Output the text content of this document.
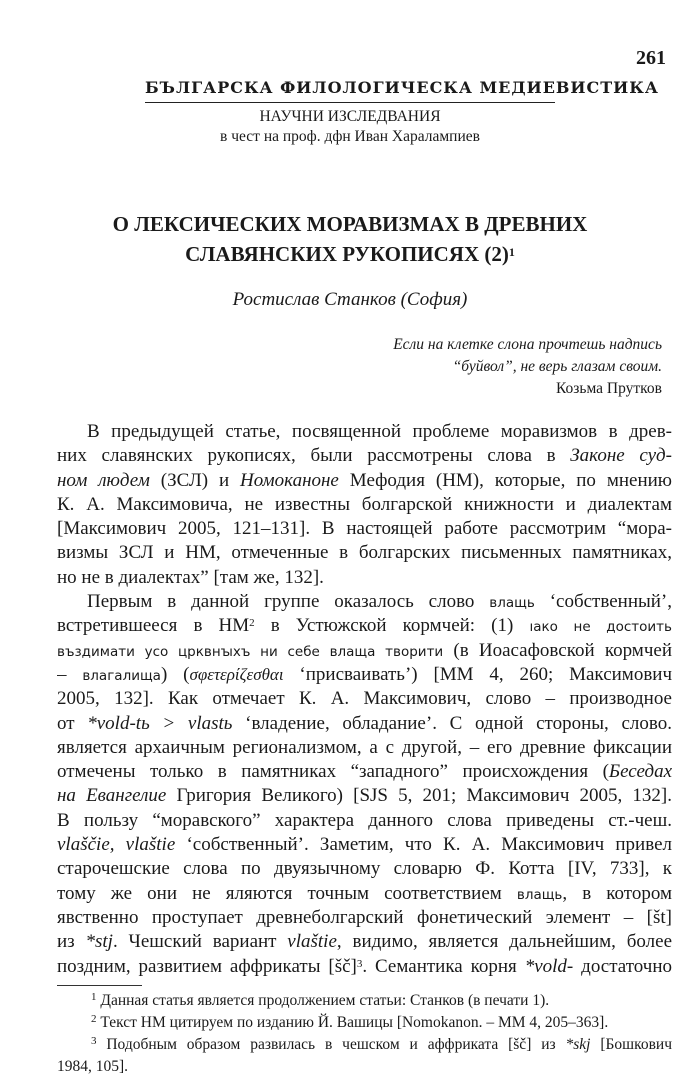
261
БЪЛГАРСКА ФИЛОЛОГИЧЕСКА МЕДИЕВИСТИКА
НАУЧНИ ИЗСЛЕДВАНИЯ
в чест на проф. дфн Иван Харалампиев
О ЛЕКСИЧЕСКИХ МОРАВИЗМАХ В ДРЕВНИХ
СЛАВЯНСКИХ РУКОПИСЯХ $(2)^1$
Ростислав Станков (София)
Если на клетке слона прочтешь надпись
“буйвол”, не верь глазам своим.
Козьма Прутков
В предыдущей статье, посвященной проблеме моравизмов в древ-
них славянских рукописях, были рассмотрены слова в Законе суд-
ном людем (ЗСЛ) и Номоканоне Мефодия (НМ), которые, по мнению
К. А. Максимовича, не известны болгарской книжности и диалектам
[Максимович 2005, 121–131]. В настоящей работе рассмотрим “мора-
визмы ЗСЛ и НМ, отмеченные в болгарских письменных памятниках,
но не в диалектах” [там же, 132].
Первым в данной группе оказалось слово влащь ‘собственный’,
встретившееся в $НМ^2$ в Устюжской кормчей: (1) ıако не достоить
въздимати усо црквнꙑхъ ни себе влаща творити (в Иоасафовской кормчей
– влагалища) (σφετερίζεσθαι ‘присваивать’) [ММ 4, 260; Максимович
2005, 132]. Как отмечает К. А. Максимович, слово – производное
от *vold-tь > vlastь ‘владение, обладание’. С одной стороны, слово.
является архаичным регионализмом, а с другой, – его древние фиксации
отмечены только в памятниках “западного” происхождения (Беседах
на Евангелие Григория Великого) [SJS 5, 201; Максимович 2005, 132].
В пользу “моравского” характера данного слова приведены ст.-чеш.
vlaščie, vlaštie ‘собственный’. Заметим, что К. А. Максимович привел
старочешские слова по двуязычному словарю Ф. Котта [IV, 733], к
тому же они не яляются точным соответствием влащь, в котором
явственно проступает древнеболгарский фонетический элемент – [št]
из *stj. Чешский вариант vlaštie, видимо, является дальнейшим, более
поздним, развитием аффрикаты [šč]$^3$. Семантика корня *vold- достаточно
$^1$ Данная статья является продолжением статьи: Станков (в печати 1).
$^2$ Текст НМ цитируем по изданию Й. Вашицы [Nomokanon. – ММ 4, 205–363].
$^3$ Подобным образом развилась в чешском и аффриката [šč] из *skj [Бошкович
1984, 105].
